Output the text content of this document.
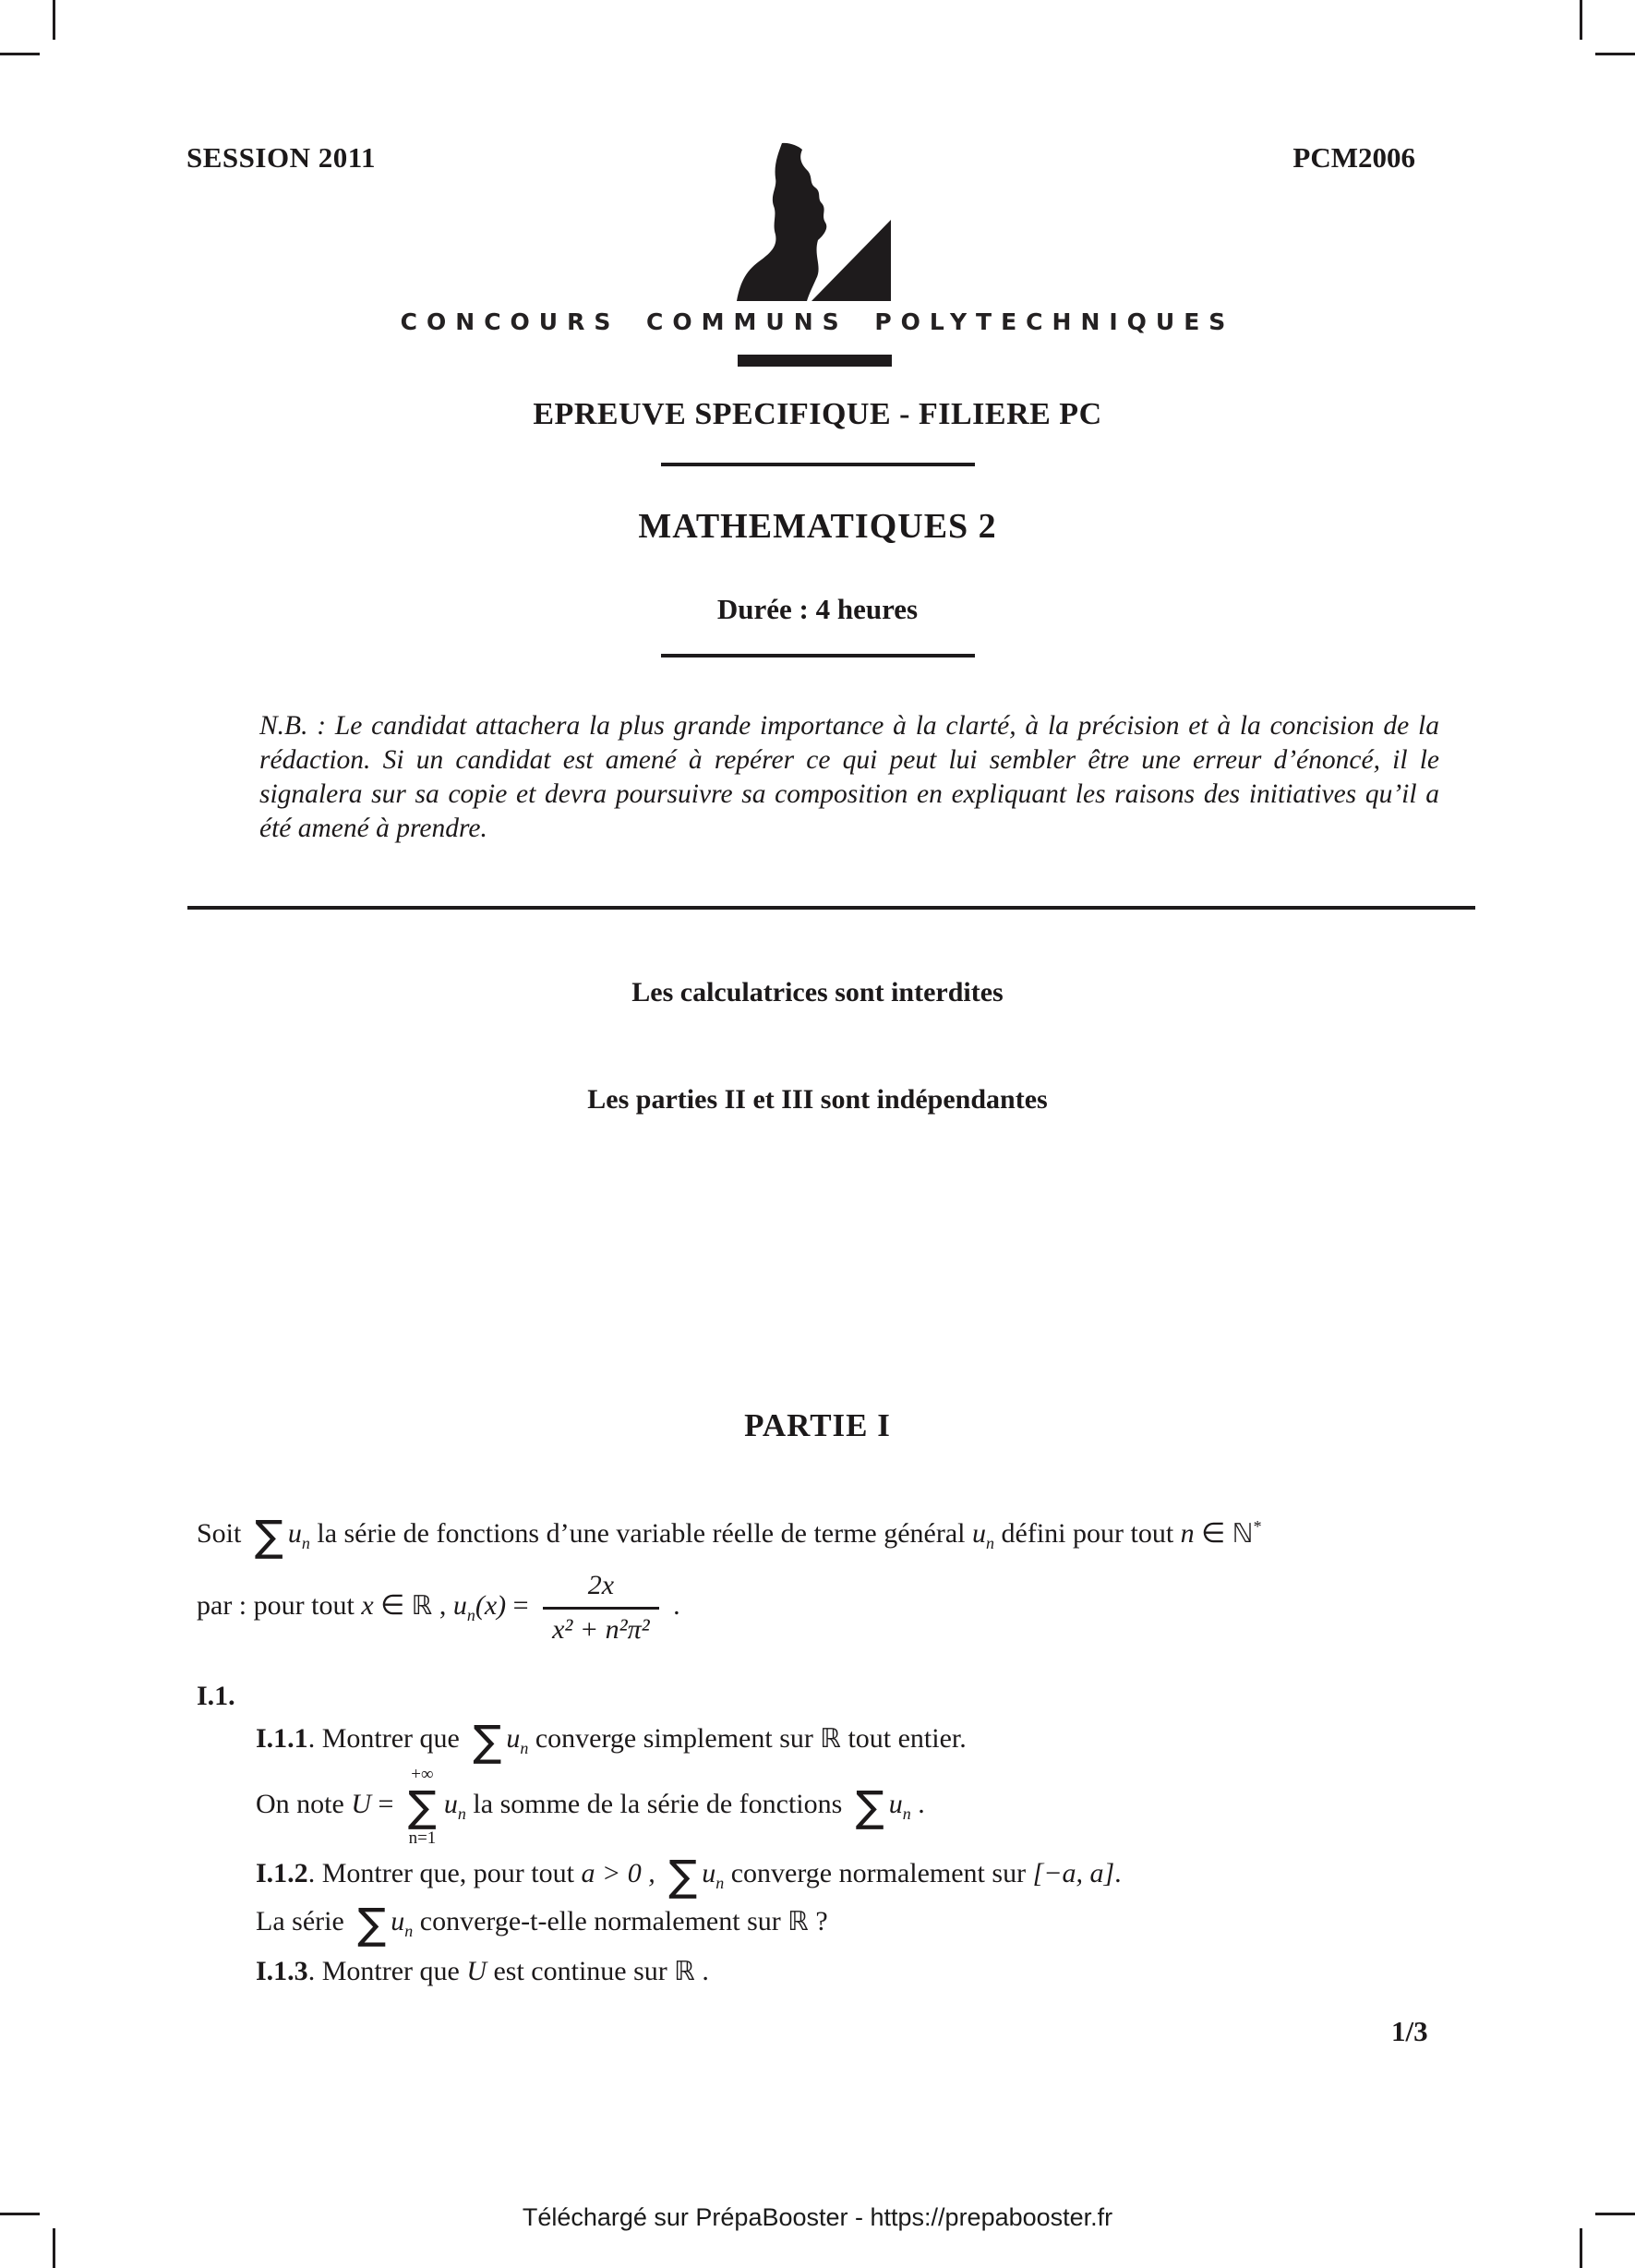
SESSION 2011	PCM2006
CONCOURS COMMUNS POLYTECHNIQUES
EPREUVE SPECIFIQUE - FILIERE PC
MATHEMATIQUES 2
Durée : 4 heures
N.B. : Le candidat attachera la plus grande importance à la clarté, à la précision et à la concision de la rédaction. Si un candidat est amené à repérer ce qui peut lui sembler être une erreur d’énoncé, il le signalera sur sa copie et devra poursuivre sa composition en expliquant les raisons des initiatives qu’il a été amené à prendre.
Les calculatrices sont interdites
Les parties II et III sont indépendantes
PARTIE I
Soit ∑ $u_n$ la série de fonctions d’une variable réelle de terme général $u_n$ défini pour tout n ∈ ℕ*
par : pour tout x ∈ ℝ , $u_n(x) = \frac{2x}{\text{x² + n²π²}}$ .
I.1.
I.1.1. Montrer que ∑ $u_n$ converge simplement sur ℝ tout entier.
On note U =
+∞
∑
n=1
$u_n$ la somme de la série de fonctions ∑ $u_n$ .
I.1.2. Montrer que, pour tout a > 0 , ∑ $u_n$ converge normalement sur [−a, a].
La série ∑ $u_n$ converge-t-elle normalement sur ℝ ?
I.1.3. Montrer que U est continue sur ℝ .
1/3
Téléchargé sur PrépaBooster - https://prepabooster.fr
